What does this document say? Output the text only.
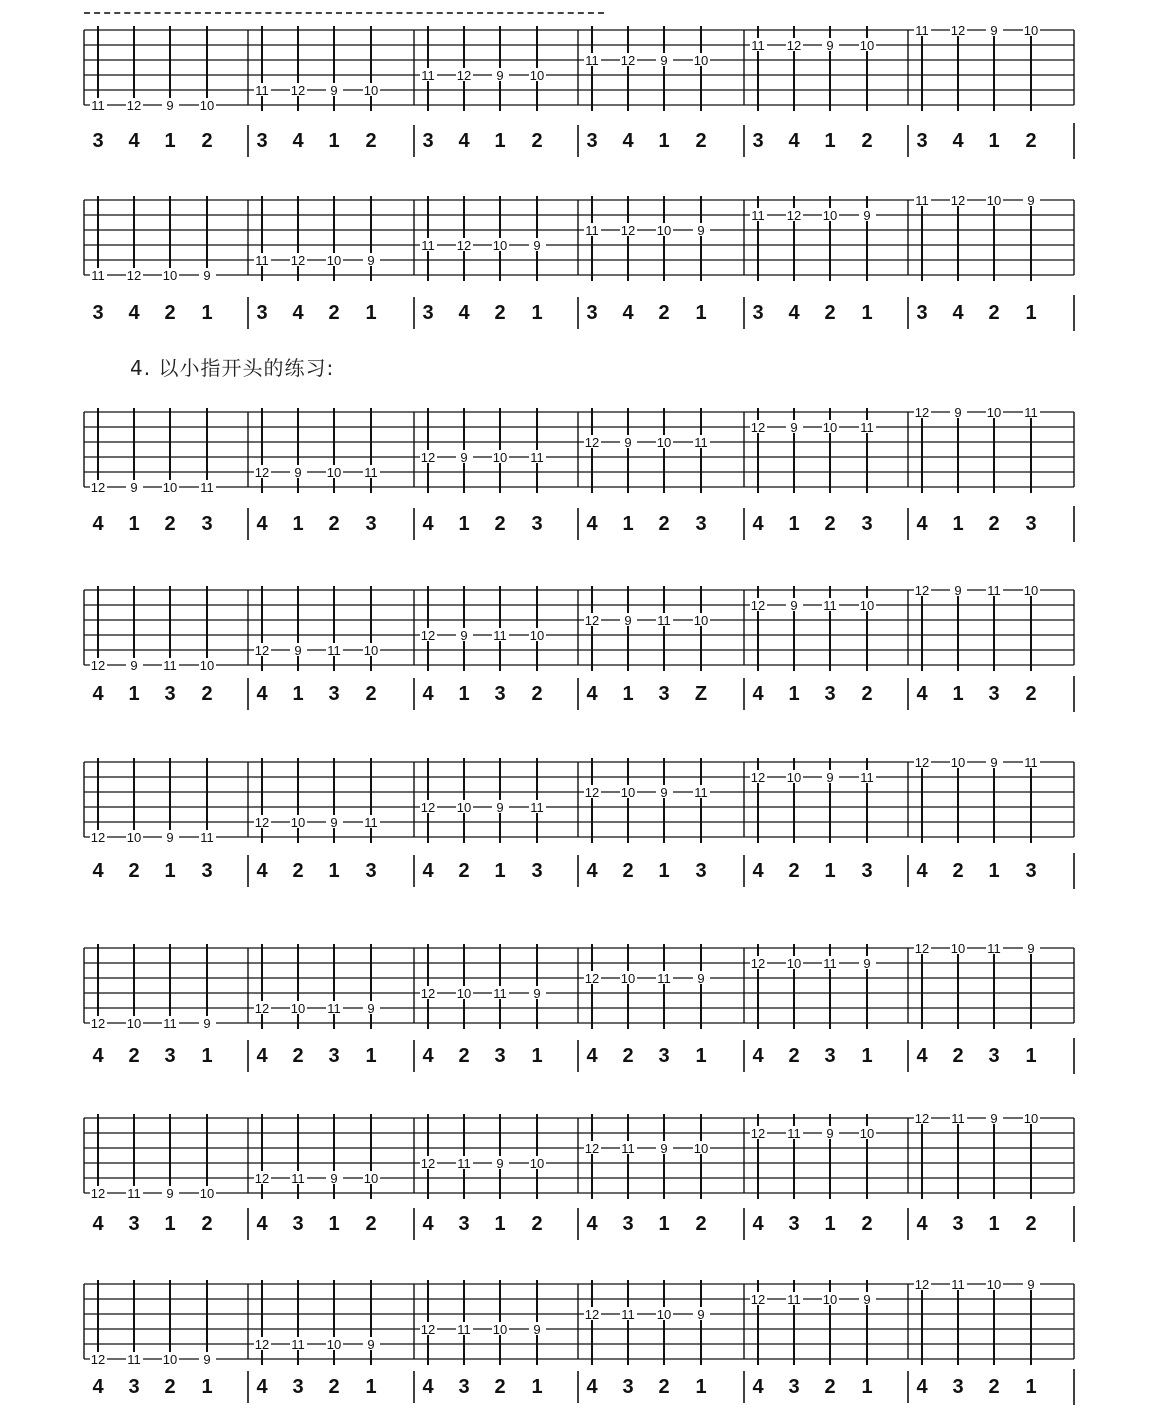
11 12 9 10
3 4 1 2
11 12 9 10
3 4 1 2
11 12 9 10
3 4 1 2
11 12 9 10
3 4 1 2
11 12 9 10
3 4 1 2
11 12 9 10
3 4 1 2
11 12 10 9
3 4 2 1
11 12 10 9
3 4 2 1
11 12 10 9
3 4 2 1
11 12 10 9
3 4 2 1
11 12 10 9
3 4 2 1
11 12 10 9
3 4 2 1
12 9 10 11
4 1 2 3
12 9 10 11
4 1 2 3
12 9 10 11
4 1 2 3
12 9 10 11
4 1 2 3
12 9 10 11
4 1 2 3
12 9 10 11
4 1 2 3
12 9 11 10
4 1 3 2
12 9 11 10
4 1 3 2
12 9 11 10
4 1 3 2
12 9 11 10
4 1 3 Z
12 9 11 10
4 1 3 2
12 9 11 10
4 1 3 2
12 10 9 11
4 2 1 3
12 10 9 11
4 2 1 3
12 10 9 11
4 2 1 3
12 10 9 11
4 2 1 3
12 10 9 11
4 2 1 3
12 10 9 11
4 2 1 3
12 10 11 9
4 2 3 1
12 10 11 9
4 2 3 1
12 10 11 9
4 2 3 1
12 10 11 9
4 2 3 1
12 10 11 9
4 2 3 1
12 10 11 9
4 2 3 1
12 11 9 10
4 3 1 2
12 11 9 10
4 3 1 2
12 11 9 10
4 3 1 2
12 11 9 10
4 3 1 2
12 11 9 10
4 3 1 2
12 11 9 10
4 3 1 2
12 11 10 9
4 3 2 1
12 11 10 9
4 3 2 1
12 11 10 9
4 3 2 1
12 11 10 9
4 3 2 1
12 11 10 9
4 3 2 1
12 11 10 9
4 3 2 1
4. 以小指开头的练习:
